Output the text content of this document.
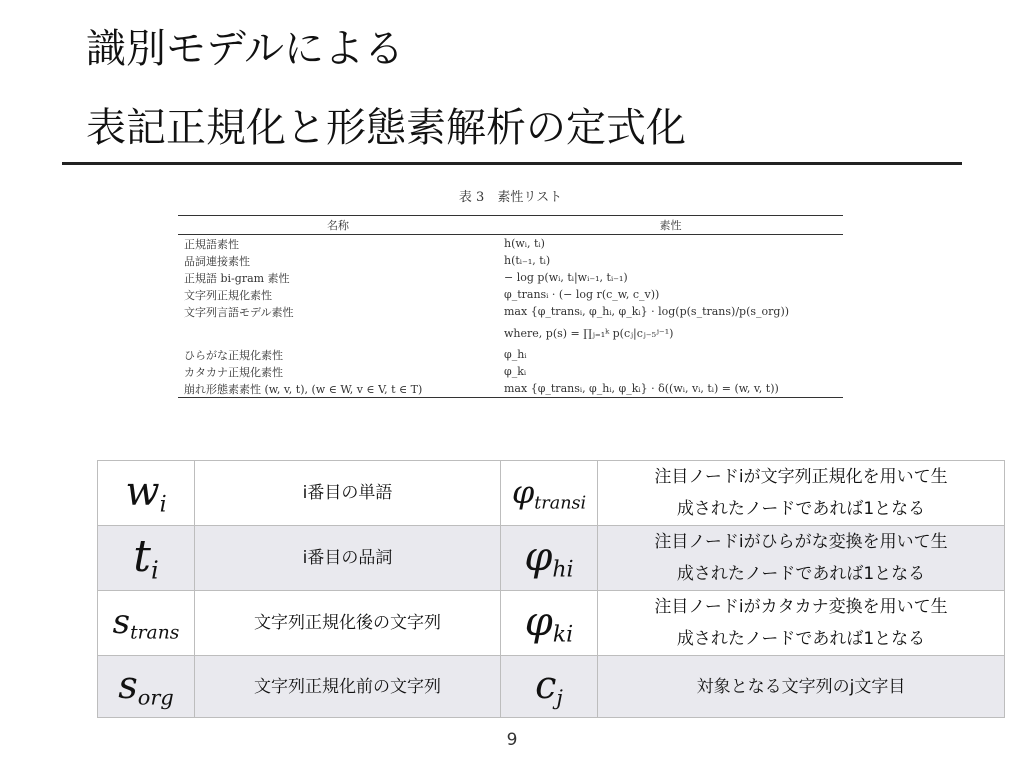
識別モデルによる
表記正規化と形態素解析の定式化
表 3　素性リスト
名称	素性
正規語素性	h(wᵢ, tᵢ)
品詞連接素性	h(tᵢ₋₁, tᵢ)
正規語 bi-gram 素性	− log p(wᵢ, tᵢ|wᵢ₋₁, tᵢ₋₁)
文字列正規化素性	φ_transᵢ · (− log r(c_w, c_v))
文字列言語モデル素性	max {φ_transᵢ, φ_hᵢ, φ_kᵢ} · log(p(s_trans)/p(s_org))
	where, p(s) = ∏ⱼ₌₁ᵏ p(cⱼ|cⱼ₋₅ʲ⁻¹)
ひらがな正規化素性	φ_hᵢ
カタカナ正規化素性	φ_kᵢ
崩れ形態素素性 (w, v, t), (w ∈ W, v ∈ V, t ∈ T)	max {φ_transᵢ, φ_hᵢ, φ_kᵢ} · δ((wᵢ, vᵢ, tᵢ) = (w, v, t))
$w_i$	i番目の単語	$\varphi_{transi}$	注目ノードiが文字列正規化を用いて生
成されたノードであれば1となる

$t_i$	i番目の品詞	$\varphi_{hi}$	注目ノードiがひらがな変換を用いて生
成されたノードであれば1となる

$s_{trans}$	文字列正規化後の文字列	$\varphi_{ki}$	注目ノードiがカタカナ変換を用いて生
成されたノードであれば1となる

$s_{org}$	文字列正規化前の文字列	$c_j$	対象となる文字列のj文字目
9
